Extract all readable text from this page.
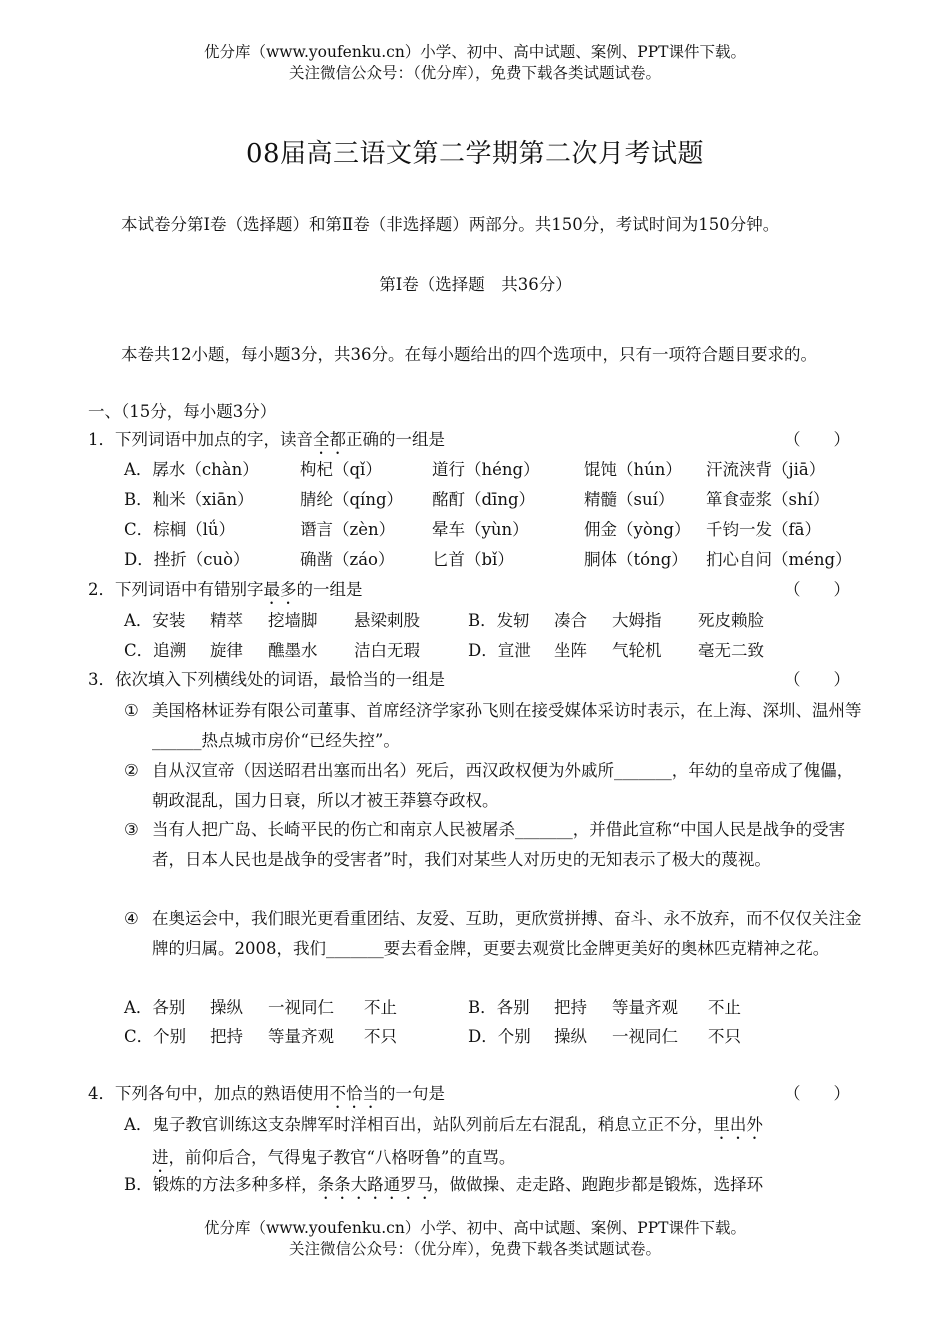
优分库（www.youfenku.cn）小学、初中、高中试题、案例、PPT课件下载。
关注微信公众号：（优分库），免费下载各类试题试卷。
08届高三语文第二学期第二次月考试题
本试卷分第Ⅰ卷（选择题）和第Ⅱ卷（非选择题）两部分。共150分，考试时间为150分钟。
第Ⅰ卷（选择题　共36分）
本卷共12小题，每小题3分，共36分。在每小题给出的四个选项中，只有一项符合题目要求的。
一、（15分，每小题3分）
1．下列词语中加点的字，读音全都正确的一组是	（　　）
A．孱水（chàn）	枸杞（qǐ）	道行（héng）	馄饨（hún） 汗流浃背（jiā）
B．籼米（xiān）	腈纶（qíng） 酩酊（dīng）	精髓（suí） 箪食壶浆（shí）
C．棕榈（lǘ）	谮言（zèn） 晕车（yùn）	佣金（yòng） 千钧一发（fā）
D．挫折（cuò）	确凿（záo） 匕首（bǐ）	胴体（tóng） 扪心自问（méng）
2．下列词语中有错别字最多的一组是	（　　）
A．安装 精萃 挖墙脚 悬梁刺股	B．发轫 凑合 大姆指 死皮赖脸
C．追溯 旋律 醮墨水 洁白无瑕	D．宣泄 坐阵 气轮机 毫无二致
3．依次填入下列横线处的词语，最恰当的一组是	（　　）
① 美国格林证券有限公司董事、首席经济学家孙飞则在接受媒体采访时表示，在上海、深圳、温州等______热点城市房价“已经失控”。
② 自从汉宣帝（因送昭君出塞而出名）死后，西汉政权便为外戚所_______，年幼的皇帝成了傀儡，朝政混乱，国力日衰，所以才被王莽篡夺政权。
③ 当有人把广岛、长崎平民的伤亡和南京人民被屠杀_______，并借此宣称“中国人民是战争的受害者，日本人民也是战争的受害者”时，我们对某些人对历史的无知表示了极大的蔑视。
④ 在奥运会中，我们眼光更看重团结、友爱、互助，更欣赏拼搏、奋斗、永不放弃，而不仅仅关注金牌的归属。2008，我们_______要去看金牌，更要去观赏比金牌更美好的奥林匹克精神之花。
A．各别 操纵 一视同仁 不止	B．各别 把持 等量齐观 不止
C．个别 把持 等量齐观 不只	D．个别 操纵 一视同仁 不只
4．下列各句中，加点的熟语使用不恰当的一句是	（　　）
A．鬼子教官训练这支杂牌军时洋相百出，站队列前后左右混乱，稍息立正不分，里出外
进，前仰后合，气得鬼子教官“八格呀鲁”的直骂。
B．锻炼的方法多种多样，条条大路通罗马，做做操、走走路、跑跑步都是锻炼，选择环
优分库（www.youfenku.cn）小学、初中、高中试题、案例、PPT课件下载。
关注微信公众号：（优分库），免费下载各类试题试卷。
